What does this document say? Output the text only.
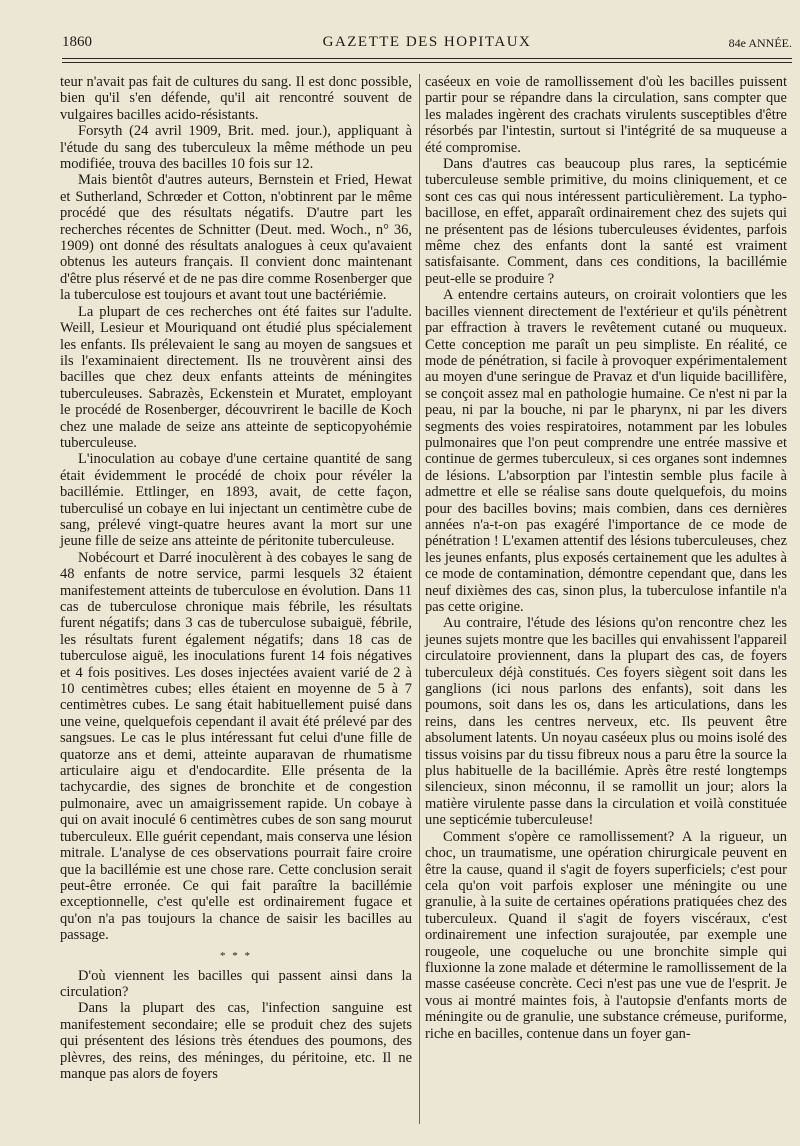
1860	GAZETTE DES HOPITAUX	84e ANNÉE.

teur n'avait pas fait de cultures du sang. Il est donc possible, bien qu'il s'en défende, qu'il ait rencontré souvent de vulgaires bacilles acido-résistants.

Forsyth (24 avril 1909, Brit. med. jour.), appliquant à l'étude du sang des tuberculeux la même méthode un peu modifiée, trouva des bacilles 10 fois sur 12.

Mais bientôt d'autres auteurs, Bernstein et Fried, Hewat et Sutherland, Schrœder et Cotton, n'obtinrent par le même procédé que des résultats négatifs. D'autre part les recherches récentes de Schnitter (Deut. med. Woch., n° 36, 1909) ont donné des résultats analogues à ceux qu'avaient obtenus les auteurs français. Il convient donc maintenant d'être plus réservé et de ne pas dire comme Rosenberger que la tuberculose est toujours et avant tout une bactériémie.

La plupart de ces recherches ont été faites sur l'adulte. Weill, Lesieur et Mouriquand ont étudié plus spécialement les enfants. Ils prélevaient le sang au moyen de sangsues et ils l'examinaient directement. Ils ne trouvèrent ainsi des bacilles que chez deux enfants atteints de méningites tuberculeuses. Sabrazès, Eckenstein et Muratet, employant le procédé de Rosenberger, découvrirent le bacille de Koch chez une malade de seize ans atteinte de septicopyohémie tuberculeuse.

L'inoculation au cobaye d'une certaine quantité de sang était évidemment le procédé de choix pour révéler la bacillémie. Ettlinger, en 1893, avait, de cette façon, tuberculisé un cobaye en lui injectant un centimètre cube de sang, prélevé vingt-quatre heures avant la mort sur une jeune fille de seize ans atteinte de péritonite tuberculeuse.

Nobécourt et Darré inoculèrent à des cobayes le sang de 48 enfants de notre service, parmi lesquels 32 étaient manifestement atteints de tuberculose en évolution. Dans 11 cas de tuberculose chronique mais fébrile, les résultats furent négatifs; dans 3 cas de tuberculose subaiguë, fébrile, les résultats furent également négatifs; dans 18 cas de tuberculose aiguë, les inoculations furent 14 fois négatives et 4 fois positives. Les doses injectées avaient varié de 2 à 10 centimètres cubes; elles étaient en moyenne de 5 à 7 centimètres cubes. Le sang était habituellement puisé dans une veine, quelquefois cependant il avait été prélevé par des sangsues. Le cas le plus intéressant fut celui d'une fille de quatorze ans et demi, atteinte auparavan de rhumatisme articulaire aigu et d'endocardite. Elle présenta de la tachycardie, des signes de bronchite et de congestion pulmonaire, avec un amaigrissement rapide. Un cobaye à qui on avait inoculé 6 centimètres cubes de son sang mourut tuberculeux. Elle guérit cependant, mais conserva une lésion mitrale. L'analyse de ces observations pourrait faire croire que la bacillémie est une chose rare. Cette conclusion serait peut-être erronée. Ce qui fait paraître la bacillémie exceptionnelle, c'est qu'elle est ordinairement fugace et qu'on n'a pas toujours la chance de saisir les bacilles au passage.

* * *

D'où viennent les bacilles qui passent ainsi dans la circulation?

Dans la plupart des cas, l'infection sanguine est manifestement secondaire; elle se produit chez des sujets qui présentent des lésions très étendues des poumons, des plèvres, des reins, des méninges, du péritoine, etc. Il ne manque pas alors de foyers

caséeux en voie de ramollissement d'où les bacilles puissent partir pour se répandre dans la circulation, sans compter que les malades ingèrent des crachats virulents susceptibles d'être résorbés par l'intestin, surtout si l'intégrité de sa muqueuse a été compromise.

Dans d'autres cas beaucoup plus rares, la septicémie tuberculeuse semble primitive, du moins cliniquement, et ce sont ces cas qui nous intéressent particulièrement. La typho-bacillose, en effet, apparaît ordinairement chez des sujets qui ne présentent pas de lésions tuberculeuses évidentes, parfois même chez des enfants dont la santé est vraiment satisfaisante. Comment, dans ces conditions, la bacillémie peut-elle se produire ?

A entendre certains auteurs, on croirait volontiers que les bacilles viennent directement de l'extérieur et qu'ils pénètrent par effraction à travers le revêtement cutané ou muqueux. Cette conception me paraît un peu simpliste. En réalité, ce mode de pénétration, si facile à provoquer expérimentalement au moyen d'une seringue de Pravaz et d'un liquide bacillifère, se conçoit assez mal en pathologie humaine. Ce n'est ni par la peau, ni par la bouche, ni par le pharynx, ni par les divers segments des voies respiratoires, notamment par les lobules pulmonaires que l'on peut comprendre une entrée massive et continue de germes tuberculeux, si ces organes sont indemnes de lésions. L'absorption par l'intestin semble plus facile à admettre et elle se réalise sans doute quelquefois, du moins pour des bacilles bovins; mais combien, dans ces dernières années n'a-t-on pas exagéré l'importance de ce mode de pénétration ! L'examen attentif des lésions tuberculeuses, chez les jeunes enfants, plus exposés certainement que les adultes à ce mode de contamination, démontre cependant que, dans les neuf dixièmes des cas, sinon plus, la tuberculose infantile n'a pas cette origine.

Au contraire, l'étude des lésions qu'on rencontre chez les jeunes sujets montre que les bacilles qui envahissent l'appareil circulatoire proviennent, dans la plupart des cas, de foyers tuberculeux déjà constitués. Ces foyers siègent soit dans les ganglions (ici nous parlons des enfants), soit dans les poumons, soit dans les os, dans les articulations, dans les reins, dans les centres nerveux, etc. Ils peuvent être absolument latents. Un noyau caséeux plus ou moins isolé des tissus voisins par du tissu fibreux nous a paru être la source la plus habituelle de la bacillémie. Après être resté longtemps silencieux, sinon méconnu, il se ramollit un jour; alors la matière virulente passe dans la circulation et voilà constituée une septicémie tuberculeuse!

Comment s'opère ce ramollissement? A la rigueur, un choc, un traumatisme, une opération chirurgicale peuvent en être la cause, quand il s'agit de foyers superficiels; c'est pour cela qu'on voit parfois exploser une méningite ou une granulie, à la suite de certaines opérations pratiquées chez des tuberculeux. Quand il s'agit de foyers viscéraux, c'est ordinairement une infection surajoutée, par exemple une rougeole, une coqueluche ou une bronchite simple qui fluxionne la zone malade et détermine le ramollissement de la masse caséeuse concrète. Ceci n'est pas une vue de l'esprit. Je vous ai montré maintes fois, à l'autopsie d'enfants morts de méningite ou de granulie, une substance crémeuse, puriforme, riche en bacilles, contenue dans un foyer gan-
